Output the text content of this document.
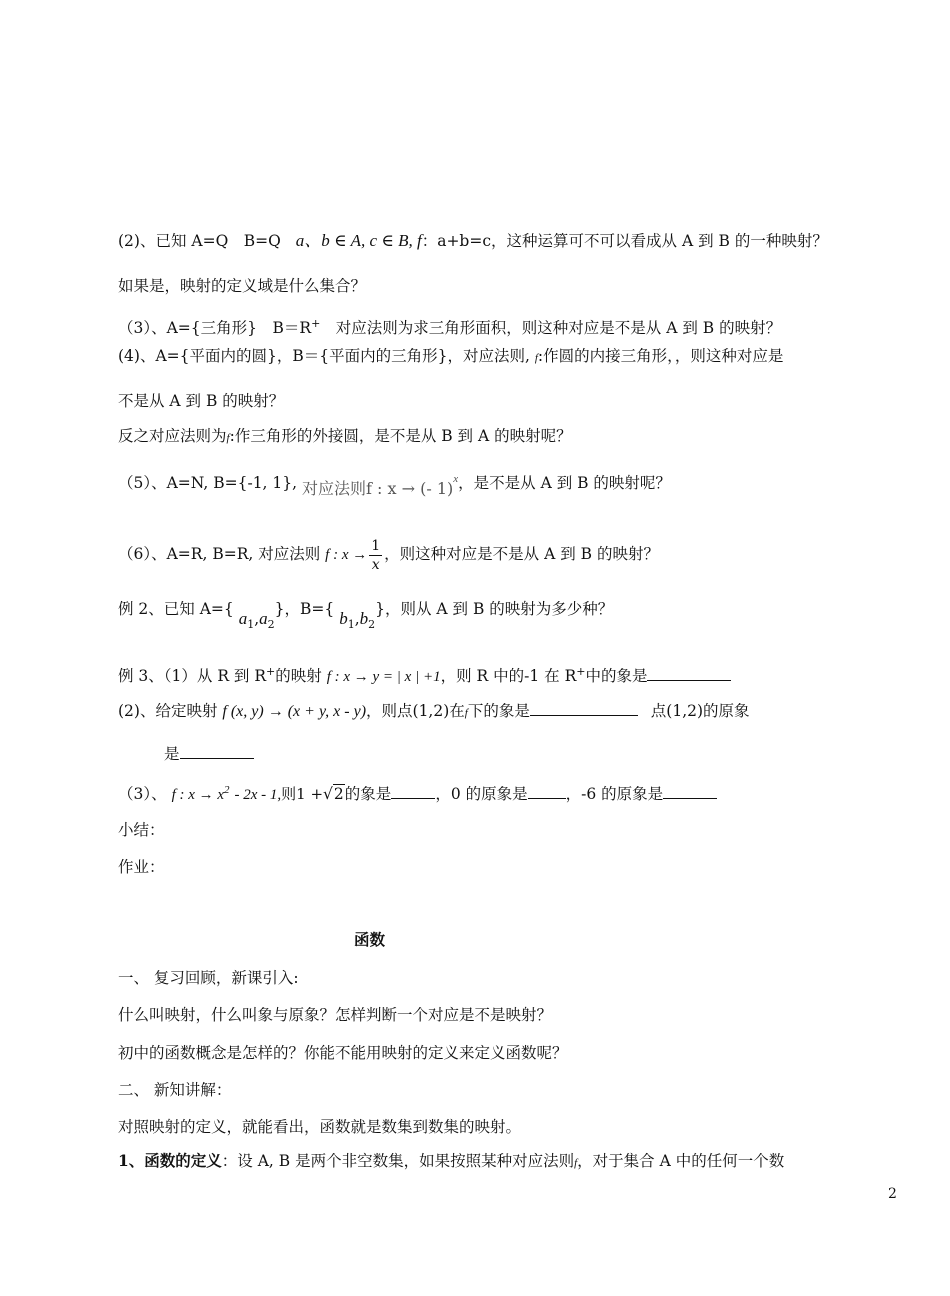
(2)、已知 A=Q　B=Q a、b ∈ A, c ∈ B, f：a+b=c，这种运算可不可以看成从 A 到 B 的一种映射？
如果是，映射的定义域是什么集合？
（3）、A={三角形}　B＝R+　对应法则为求三角形面积，则这种对应是不是从 A 到 B 的映射？
(4)、A={平面内的圆}，B＝{平面内的三角形}，对应法则, f:作圆的内接三角形，，则这种对应是
不是从 A 到 B 的映射？
反之对应法则为f:作三角形的外接圆，是不是从 B 到 A 的映射呢？
（5）、A=N, B={-1, 1}, 对应法则f : x → (- 1)$^x$，是不是从 A 到 B 的映射呢？
（6）、A=R, B=R, 对应法则 f : $x \to \frac{1}{x}$ ，则这种对应是不是从 A 到 B 的映射？
例 2、已知 A={ $a_1,a_2$}，B={ $b_1,b_2$}，则从 A 到 B 的映射为多少种？
例 3、（1）从 R 到 R+的映射 f : x → y = | x | +1，则 R 中的-1 在 R+中的象是
(2)、给定映射 f (x, y) → (x + y, x - y)，则点(1,2)在f下的象是	点(1,2)的原象
是
（3）、 f : $x \to x^2 - 2x - 1$,则1 +√2的象是	，0 的原象是 ，-6 的原象是
小结：
作业：
函数
一、 复习回顾，新课引入:
什么叫映射，什么叫象与原象？怎样判断一个对应是不是映射？
初中的函数概念是怎样的？你能不能用映射的定义来定义函数呢？
二、 新知讲解：
对照映射的定义，就能看出，函数就是数集到数集的映射。
1、函数的定义：设 A, B 是两个非空数集，如果按照某种对应法则f，对于集合 A 中的任何一个数
2
